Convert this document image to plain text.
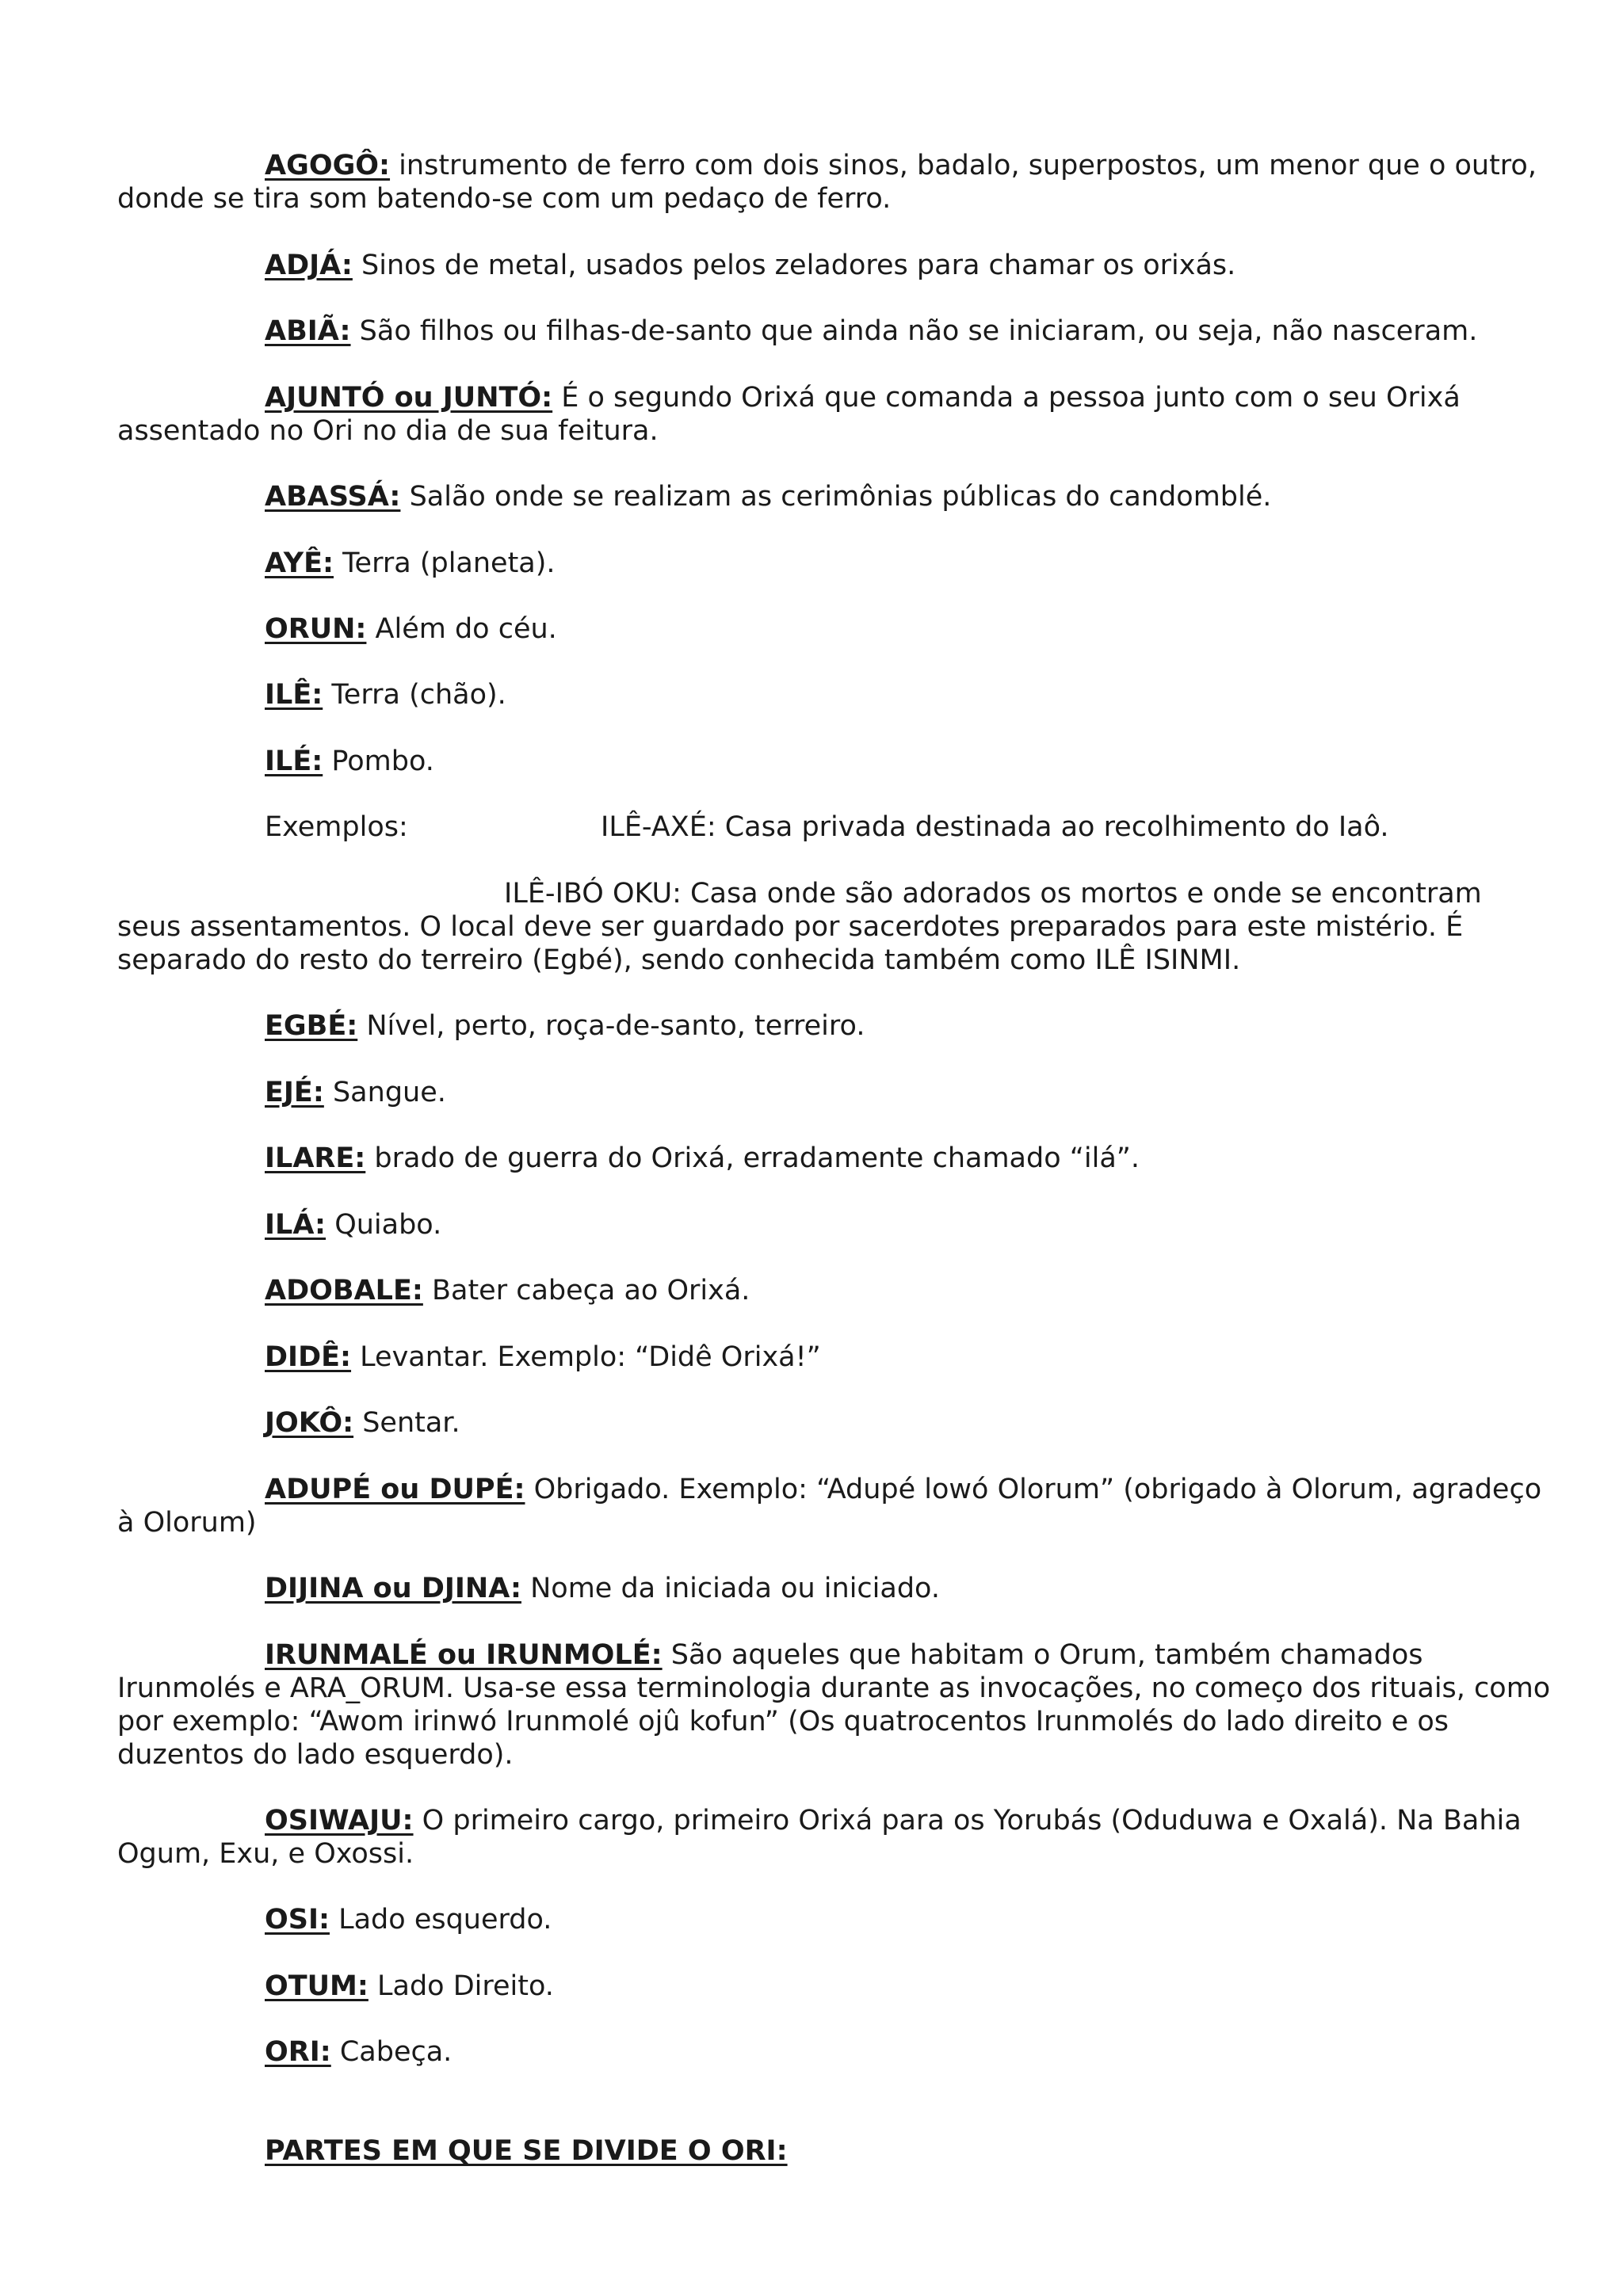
AGOGÔ: instrumento de ferro com dois sinos, badalo, superpostos, um menor que o outro,
donde se tira som batendo-se com um pedaço de ferro.
ADJÁ: Sinos de metal, usados pelos zeladores para chamar os orixás.
ABIÃ: São filhos ou filhas-de-santo que ainda não se iniciaram, ou seja, não nasceram.
AJUNTÓ ou JUNTÓ: É o segundo Orixá que comanda a pessoa junto com o seu Orixá
assentado no Ori no dia de sua feitura.
ABASSÁ: Salão onde se realizam as cerimônias públicas do candomblé.
AYÊ: Terra (planeta).
ORUN: Além do céu.
ILÊ: Terra (chão).
ILÉ: Pombo.
Exemplos:	ILÊ-AXÉ: Casa privada destinada ao recolhimento do Iaô.
ILÊ-IBÓ OKU: Casa onde são adorados os mortos e onde se encontram
seus assentamentos. O local deve ser guardado por sacerdotes preparados para este mistério. É
separado do resto do terreiro (Egbé), sendo conhecida também como ILÊ ISINMI.
EGBÉ: Nível, perto, roça-de-santo, terreiro.
EJÉ: Sangue.
ILARE: brado de guerra do Orixá, erradamente chamado “ilá”.
ILÁ: Quiabo.
ADOBALE: Bater cabeça ao Orixá.
DIDÊ: Levantar. Exemplo: “Didê Orixá!”
JOKÔ: Sentar.
ADUPÉ ou DUPÉ: Obrigado. Exemplo: “Adupé lowó Olorum” (obrigado à Olorum, agradeço
à Olorum)
DIJINA ou DJINA: Nome da iniciada ou iniciado.
IRUNMALÉ ou IRUNMOLÉ: São aqueles que habitam o Orum, também chamados
Irunmolés e ARA_ORUM. Usa-se essa terminologia durante as invocações, no começo dos rituais, como
por exemplo: “Awom irinwó Irunmolé ojû kofun” (Os quatrocentos Irunmolés do lado direito e os
duzentos do lado esquerdo).
OSIWAJU: O primeiro cargo, primeiro Orixá para os Yorubás (Oduduwa e Oxalá). Na Bahia
Ogum, Exu, e Oxossi.
OSI: Lado esquerdo.
OTUM: Lado Direito.
ORI: Cabeça.
PARTES EM QUE SE DIVIDE O ORI:
